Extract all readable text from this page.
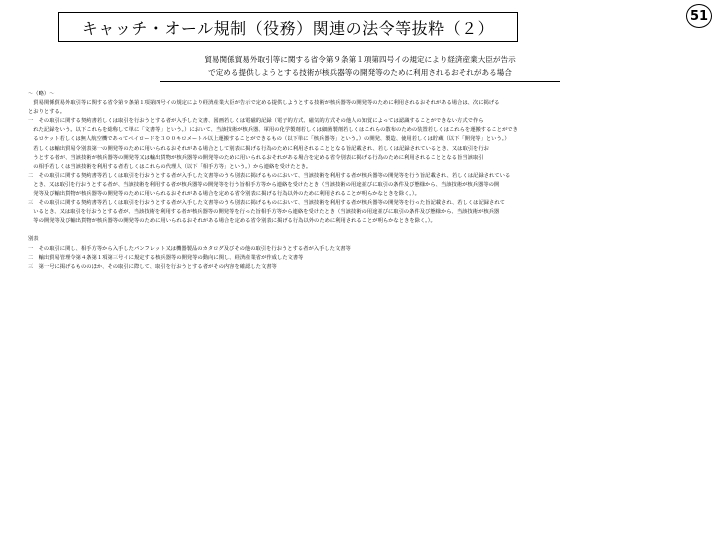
51
キャッチ・オール規制（役務）関連の法令等抜粋（２）
貿易関係貿易外取引等に関する省令第９条第１項第四号イの規定により経済産業大臣が告示
で定める提供しようとする技術が核兵器等の開発等のために利用されるおそれがある場合

～（略）～

　貿易関係貿易外取引等に関する省令第９条第１項第四号イの規定により経済産業大臣が告示で定める提供しようとする技術が核兵器等の開発等のために利用されるおそれがある場合は、次に掲げる

とおりとする。

一　その取引に関する契約書若しくは取引を行おうとする者が入手した文書、図画若しくは電磁的記録（電子的方式、磁気的方式その他人の知覚によっては認識することができない方式で作ら

　れた記録をいう。以下これらを総称して単に「文書等」という。）において、当該技術が核兵器、軍用の化学製剤若しくは細菌製剤若しくはこれらの散布のための装置若しくはこれらを運搬することができ

　るロケット若しくは無人航空機であってペイロードを３００キロメートル以上運搬することができるもの（以下単に「核兵器等」という。）の開発、製造、使用若しくは貯蔵（以下「開発等」という。）

　若しくは輸出貿易令別表第一の開発等のために用いられるおそれがある場合として別表に掲げる行為のために利用されることとなる旨記載され、若しくは記録されているとき、又は取引を行お

　うとする者が、当該技術が核兵器等の開発等又は輸出貨物が核兵器等の開発等のために用いられるおそれがある場合を定める省令別表に掲げる行為のために利用されることとなる旨当該取引

　の相手若しくは当該技術を利用する者若しくはこれらの代理人（以下「相手方等」という。）から連絡を受けたとき。

二　その取引に関する契約書等若しくは取引を行おうとする者が入手した文書等のうち別表に掲げるものにおいて、当該技術を利用する者が核兵器等の開発等を行う旨記載され、若しくは記録されている

　とき、又は取引を行おうとする者が、当該技術を利用する者が核兵器等の開発等を行う旨相手方等から連絡を受けたとき（当該技術の用途並びに取引の条件及び態様から、当該技術が核兵器等の開

　発等及び輸出貨物が核兵器等の開発等のために用いられるおそれがある場合を定める省令別表に掲げる行為以外のために利用されることが明らかなときを除く。）。

三　その取引に関する契約書等若しくは取引を行おうとする者が入手した文書等のうち別表に掲げるものにおいて、当該技術を利用する者が核兵器等の開発等を行った旨記載され、若しくは記録されて

　いるとき、又は取引を行おうとする者が、当該技術を利用する者が核兵器等の開発等を行った旨相手方等から連絡を受けたとき（当該技術の用途並びに取引の条件及び態様から、当該技術が核兵器

　等の開発等及び輸出貨物が核兵器等の開発等のために用いられるおそれがある場合を定める省令別表に掲げる行為以外のために利用されることが明らかなときを除く。）。

別表

一　その取引に関し、相手方等から入手したパンフレット又は機器製品のカタログ及びその他の取引を行おうとする者が入手した文書等

二　輸出貿易管理令第４条第１項第三号イに規定する核兵器等の開発等の動向に関し、経済産業省が作成した文書等

三　第一号に掲げるもののほか、その取引に際して、取引を行おうとする者がその内容を確認した文書等
